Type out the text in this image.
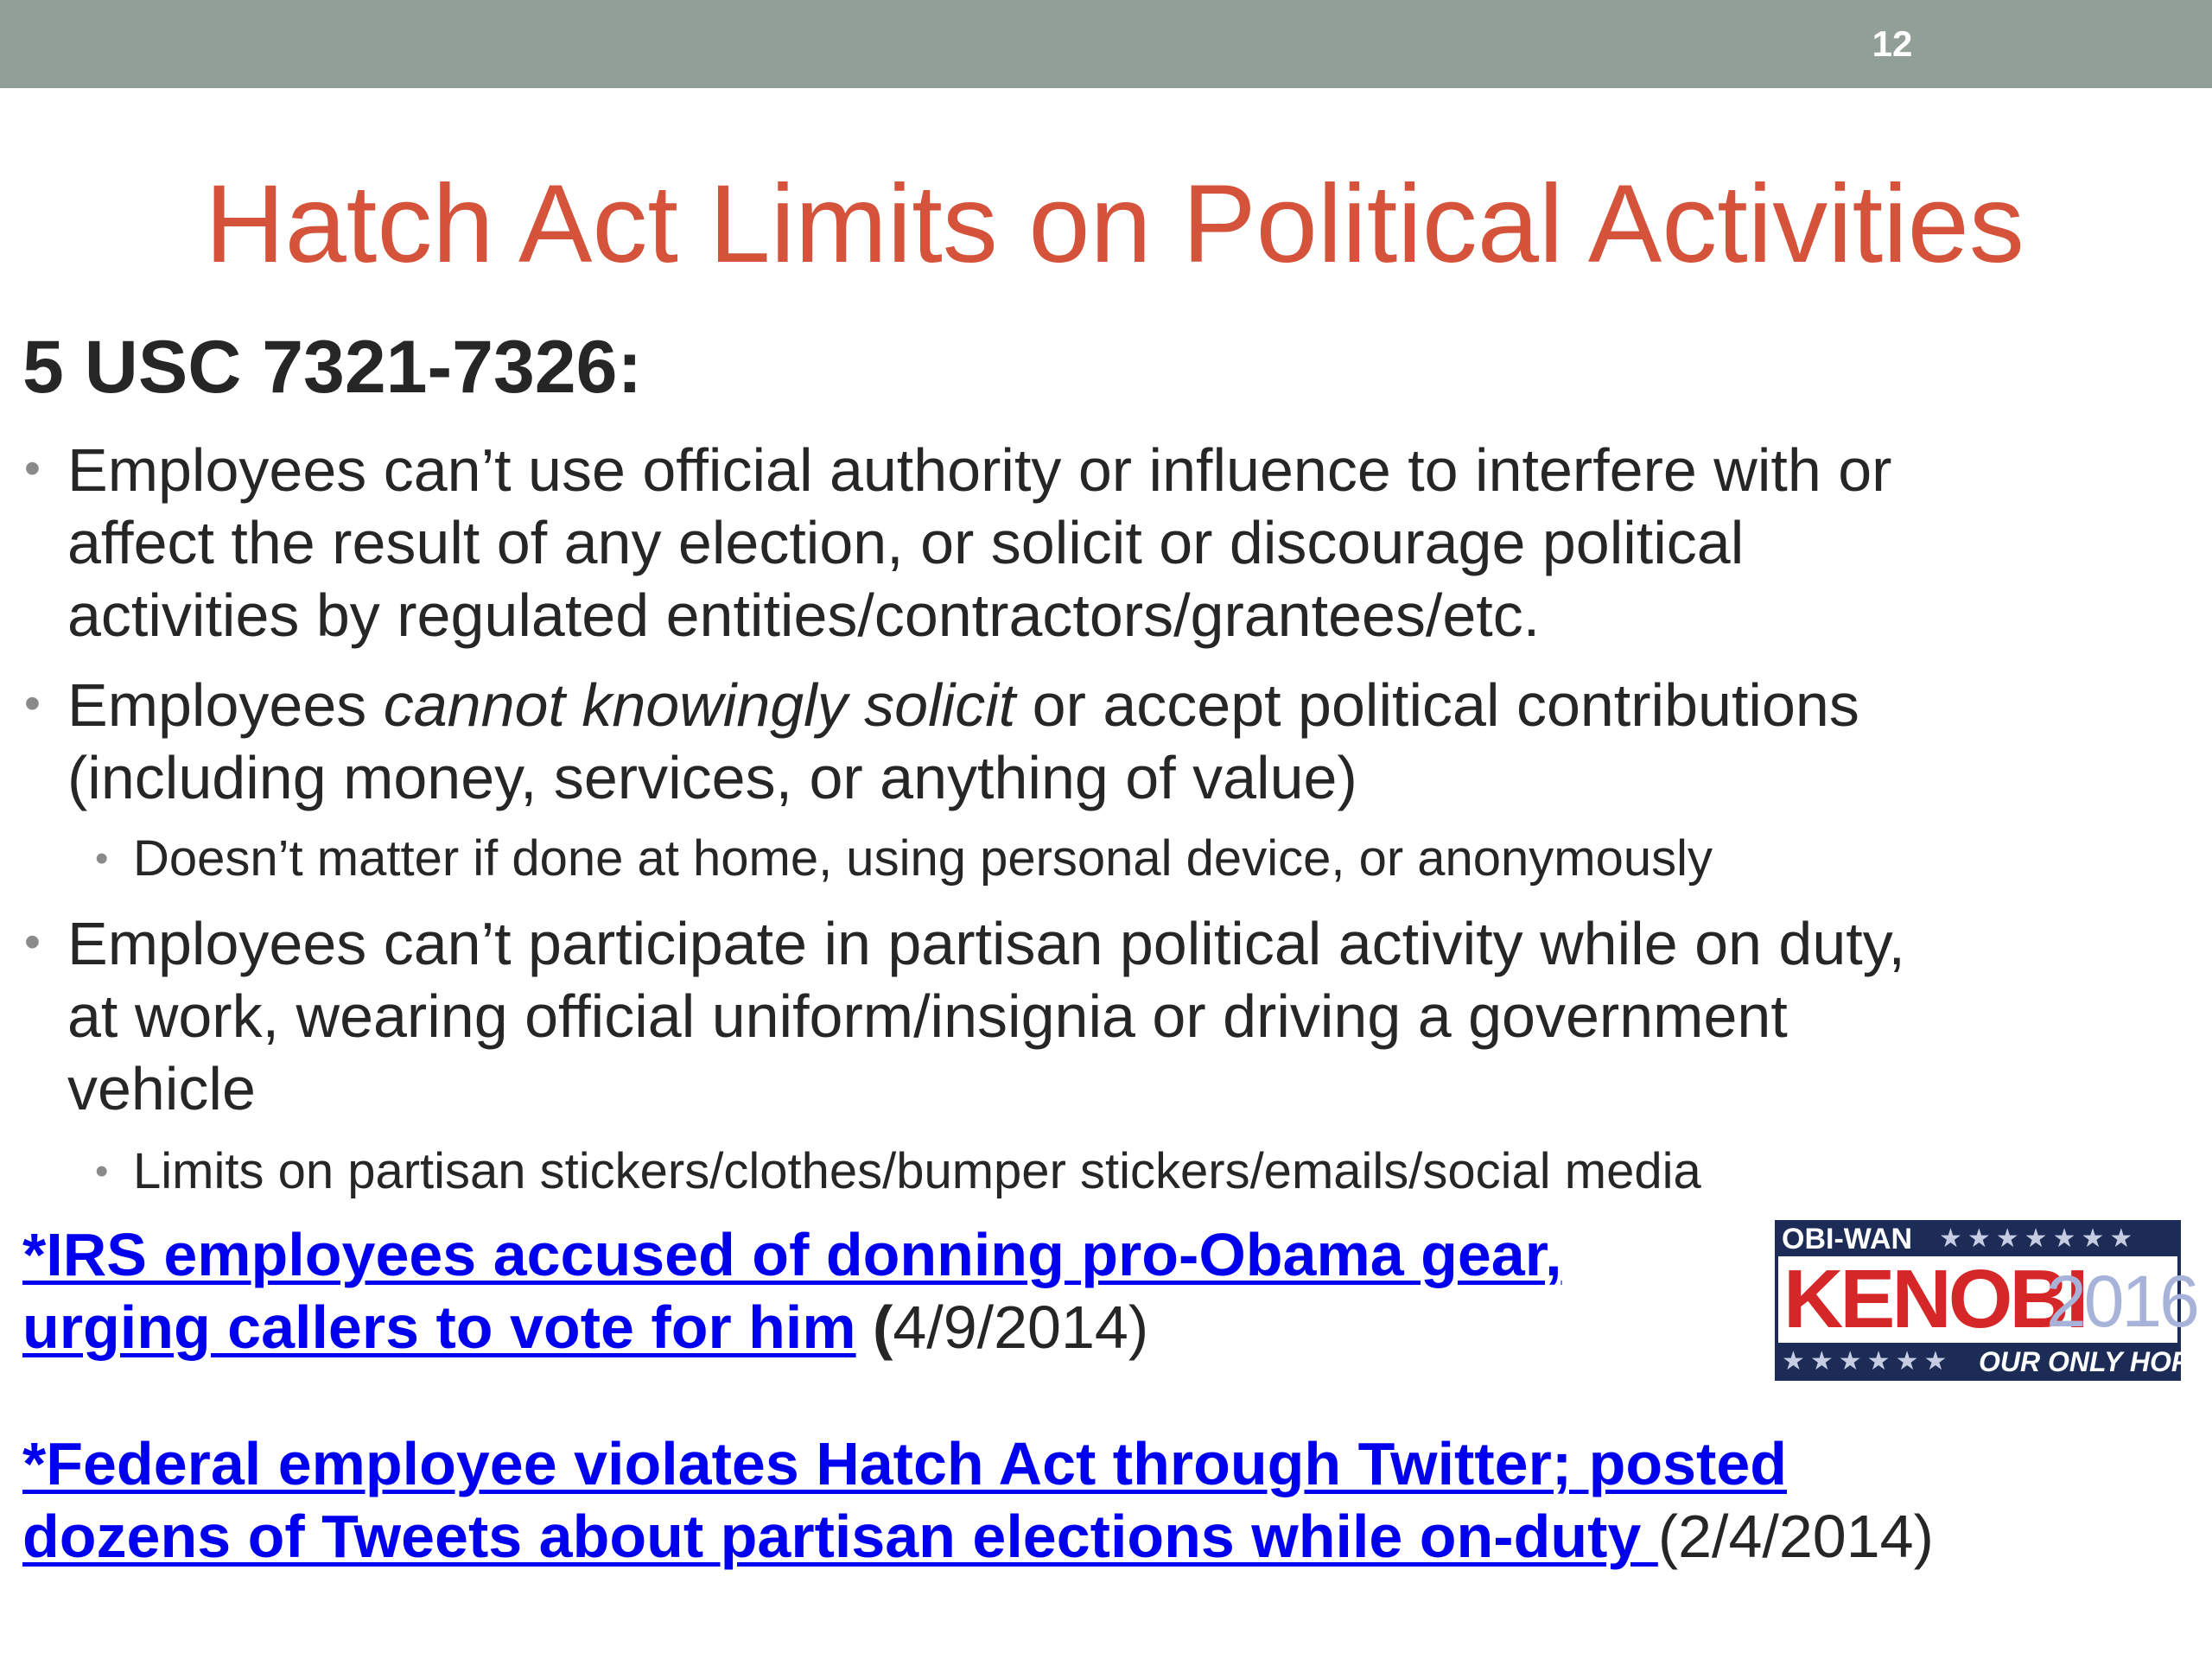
12
Hatch Act Limits on Political Activities
5 USC 7321-7326:
• Employees can’t use official authority or influence to interfere with or
affect the result of any election, or solicit or discourage political
activities by regulated entities/contractors/grantees/etc.
• Employees cannot knowingly solicit or accept political contributions
(including money, services, or anything of value)
• Doesn’t matter if done at home, using personal device, or anonymously
• Employees can’t participate in partisan political activity while on duty,
at work, wearing official uniform/insignia or driving a government
vehicle
• Limits on partisan stickers/clothes/bumper stickers/emails/social media
*IRS employees accused of donning pro-Obama gear,
urging callers to vote for him (4/9/2014)
*Federal employee violates Hatch Act through Twitter; posted
dozens of Tweets about partisan elections while on-duty (2/4/2014)
OBI-WAN	★★★★★★★
KENOBI
2016
★★★★★★ OUR ONLY HOPE
